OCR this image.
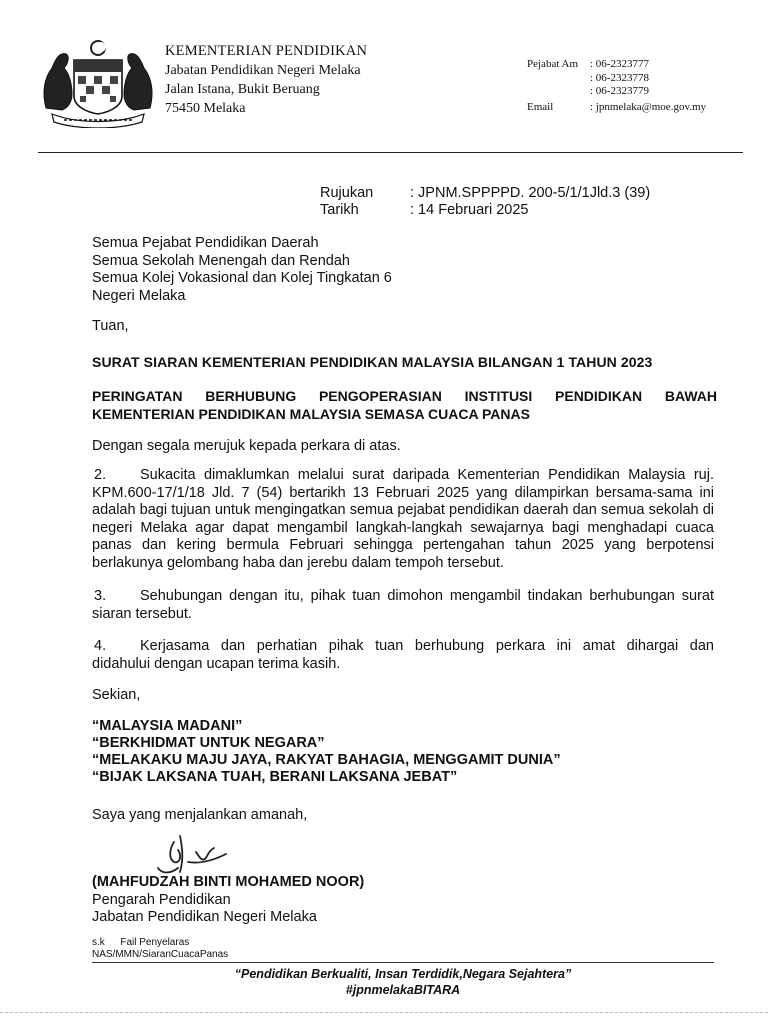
KEMENTERIAN PENDIDIKAN
Jabatan Pendidikan Negeri Melaka
Jalan Istana, Bukit Beruang
75450 Melaka
Pejabat Am	: 06-2323777
: 06-2323778
: 06-2323779
Email	: jpnmelaka@moe.gov.my
Rujukan	: JPNM.SPPPPD. 200-5/1/1Jld.3 (39)
Tarikh	: 14 Februari 2025
Semua Pejabat Pendidikan Daerah
Semua Sekolah Menengah dan Rendah
Semua Kolej Vokasional dan Kolej Tingkatan 6
Negeri Melaka
Tuan,
SURAT SIARAN KEMENTERIAN PENDIDIKAN MALAYSIA BILANGAN 1 TAHUN 2023
PERINGATAN BERHUBUNG PENGOPERASIAN INSTITUSI PENDIDIKAN BAWAH
KEMENTERIAN PENDIDIKAN MALAYSIA SEMASA CUACA PANAS
Dengan segala merujuk kepada perkara di atas.
2.	Sukacita dimaklumkan melalui surat daripada Kementerian Pendidikan Malaysia ruj.
KPM.600-17/1/18 Jld. 7 (54) bertarikh 13 Februari 2025 yang dilampirkan bersama-sama ini adalah bagi tujuan untuk mengingatkan semua pejabat pendidikan daerah dan semua sekolah di negeri Melaka agar dapat mengambil langkah-langkah sewajarnya bagi menghadapi cuaca panas dan kering bermula Februari sehingga pertengahan tahun 2025 yang berpotensi berlakunya gelombang haba dan jerebu dalam tempoh tersebut.
3.	Sehubungan dengan itu, pihak tuan dimohon mengambil tindakan berhubungan surat
siaran tersebut.
4.	Kerjasama dan perhatian pihak tuan berhubung perkara ini amat dihargai dan
didahului dengan ucapan terima kasih.
Sekian,
“MALAYSIA MADANI”
“BERKHIDMAT UNTUK NEGARA”
“MELAKAKU MAJU JAYA, RAKYAT BAHAGIA, MENGGAMIT DUNIA”
“BIJAK LAKSANA TUAH, BERANI LAKSANA JEBAT”
Saya yang menjalankan amanah,
(MAHFUDZAH BINTI MOHAMED NOOR)
Pengarah Pendidikan
Jabatan Pendidikan Negeri Melaka
s.k Fail Penyelaras
NAS/MMN/SiaranCuacaPanas
“Pendidikan Berkualiti, Insan Terdidik,Negara Sejahtera”
#jpnmelakaBITARA
